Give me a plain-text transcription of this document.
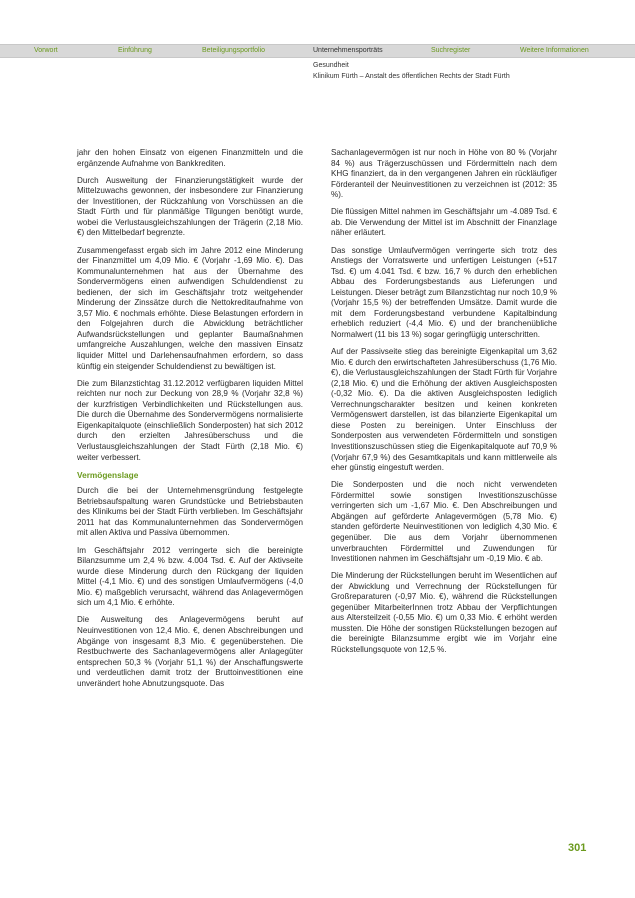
Vorwort	Einführung	Beteiligungsportfolio	Unternehmensporträts	Suchregister	Weitere Informationen
Gesundheit
Klinikum Fürth – Anstalt des öffentlichen Rechts der Stadt Fürth

jahr den hohen Einsatz von eigenen Finanzmitteln und die ergänzende Aufnahme von Bankkrediten.

Durch Ausweitung der Finanzierungstätigkeit wurde der Mittelzuwachs gewonnen, der insbesondere zur Finanzierung der Investitionen, der Rückzahlung von Vorschüssen an die Stadt Fürth und für planmäßige Tilgungen benötigt wurde, wobei die Verlustausgleichszahlungen der Trägerin (2,18 Mio. €) den Mittelbedarf begrenzte.

Zusammengefasst ergab sich im Jahre 2012 eine Minderung der Finanzmittel um 4,09 Mio. € (Vorjahr -1,69 Mio. €). Das Kommunalunternehmen hat aus der Übernahme des Sondervermögens einen aufwendigen Schuldendienst zu bedienen, der sich im Geschäftsjahr trotz weitgehender Minderung der Zinssätze durch die Nettokreditaufnahme von 3,57 Mio. € nochmals erhöhte. Diese Belastungen erfordern in den Folgejahren durch die Abwicklung beträchtlicher Aufwandsrückstellungen und geplanter Baumaßnahmen umfangreiche Auszahlungen, welche den massiven Einsatz liquider Mittel und Darlehensaufnahmen erfordern, so dass künftig ein steigender Schuldendienst zu bewältigen ist.

Die zum Bilanzstichtag 31.12.2012 verfügbaren liquiden Mittel reichten nur noch zur Deckung von 28,9 % (Vorjahr 32,8 %) der kurzfristigen Verbindlichkeiten und Rückstellungen aus. Die durch die Übernahme des Sondervermögens normalisierte Eigenkapitalquote (einschließlich Sonderposten) hat sich 2012 durch den erzielten Jahresüberschuss und die Verlustausgleichszahlungen der Stadt Fürth (2,18 Mio. €) weiter verbessert.

Vermögenslage

Durch die bei der Unternehmensgründung festgelegte Betriebsaufspaltung waren Grundstücke und Betriebsbauten des Klinikums bei der Stadt Fürth verblieben. Im Geschäftsjahr 2011 hat das Kommunalunternehmen das Sondervermögen mit allen Aktiva und Passiva übernommen.

Im Geschäftsjahr 2012 verringerte sich die bereinigte Bilanzsumme um 2,4 % bzw. 4.004 Tsd. €. Auf der Aktivseite wurde diese Minderung durch den Rückgang der liquiden Mittel (-4,1 Mio. €) und des sonstigen Umlaufvermögens (-4,0 Mio. €) maßgeblich verursacht, während das Anlagevermögen sich um 4,1 Mio. € erhöhte.

Die Ausweitung des Anlagevermögens beruht auf Neuinvestitionen von 12,4 Mio. €, denen Abschreibungen und Abgänge von insgesamt 8,3 Mio. € gegenüberstehen. Die Restbuchwerte des Sachanlagevermögens aller Anlagegüter entsprechen 50,3 % (Vorjahr 51,1 %) der Anschaffungswerte und verdeutlichen damit trotz der Bruttoinvestitionen eine unverändert hohe Abnutzungsquote. Das

Sachanlagevermögen ist nur noch in Höhe von 80 % (Vorjahr 84 %) aus Trägerzuschüssen und Fördermitteln nach dem KHG finanziert, da in den vergangenen Jahren ein rückläufiger Förderanteil der Neuinvestitionen zu verzeichnen ist (2012: 35 %).

Die flüssigen Mittel nahmen im Geschäftsjahr um -4.089 Tsd. € ab. Die Verwendung der Mittel ist im Abschnitt der Finanzlage näher erläutert.

Das sonstige Umlaufvermögen verringerte sich trotz des Anstiegs der Vorratswerte und unfertigen Leistungen (+517 Tsd. €) um 4.041 Tsd. € bzw. 16,7 % durch den erheblichen Abbau des Forderungsbestands aus Lieferungen und Leistungen. Dieser beträgt zum Bilanzstichtag nur noch 10,9 % (Vorjahr 15,5 %) der betreffenden Umsätze. Damit wurde die mit dem Forderungsbestand verbundene Kapitalbindung erheblich reduziert (-4,4 Mio. €) und der branchenübliche Normalwert (11 bis 13 %) sogar geringfügig unterschritten.

Auf der Passivseite stieg das bereinigte Eigenkapital um 3,62 Mio. € durch den erwirtschafteten Jahresüberschuss (1,76 Mio. €), die Verlustausgleichszahlungen der Stadt Fürth für Vorjahre (2,18 Mio. €) und die Erhöhung der aktiven Ausgleichsposten (-0,32 Mio. €). Da die aktiven Ausgleichsposten lediglich Verrechnungscharakter besitzen und keinen konkreten Vermögenswert darstellen, ist das bilanzierte Eigenkapital um diese Posten zu bereinigen. Unter Einschluss der Sonderposten aus verwendeten Fördermitteln und sonstigen Investitionszuschüssen stieg die Eigenkapitalquote auf 70,9 % (Vorjahr 67,9 %) des Gesamtkapitals und kann mittlerweile als eher günstig eingestuft werden.

Die Sonderposten und die noch nicht verwendeten Fördermittel sowie sonstigen Investitionszuschüsse verringerten sich um -1,67 Mio. €. Den Abschreibungen und Abgängen auf geförderte Anlagevermögen (5,78 Mio. €) standen geförderte Neuinvestitionen von lediglich 4,30 Mio. € gegenüber. Die aus dem Vorjahr übernommenen unverbrauchten Fördermittel und Zuwendungen für Investitionen nahmen im Geschäftsjahr um -0,19 Mio. € ab.

Die Minderung der Rückstellungen beruht im Wesentlichen auf der Abwicklung und Verrechnung der Rückstellungen für Großreparaturen (-0,97 Mio. €), während die Rückstellungen gegenüber MitarbeiterInnen trotz Abbau der Verpflichtungen aus Altersteilzeit (-0,55 Mio. €) um 0,33 Mio. € erhöht werden mussten. Die Höhe der sonstigen Rückstellungen bezogen auf die bereinigte Bilanzsumme ergibt wie im Vorjahr eine Rückstellungsquote von 12,5 %.

301
